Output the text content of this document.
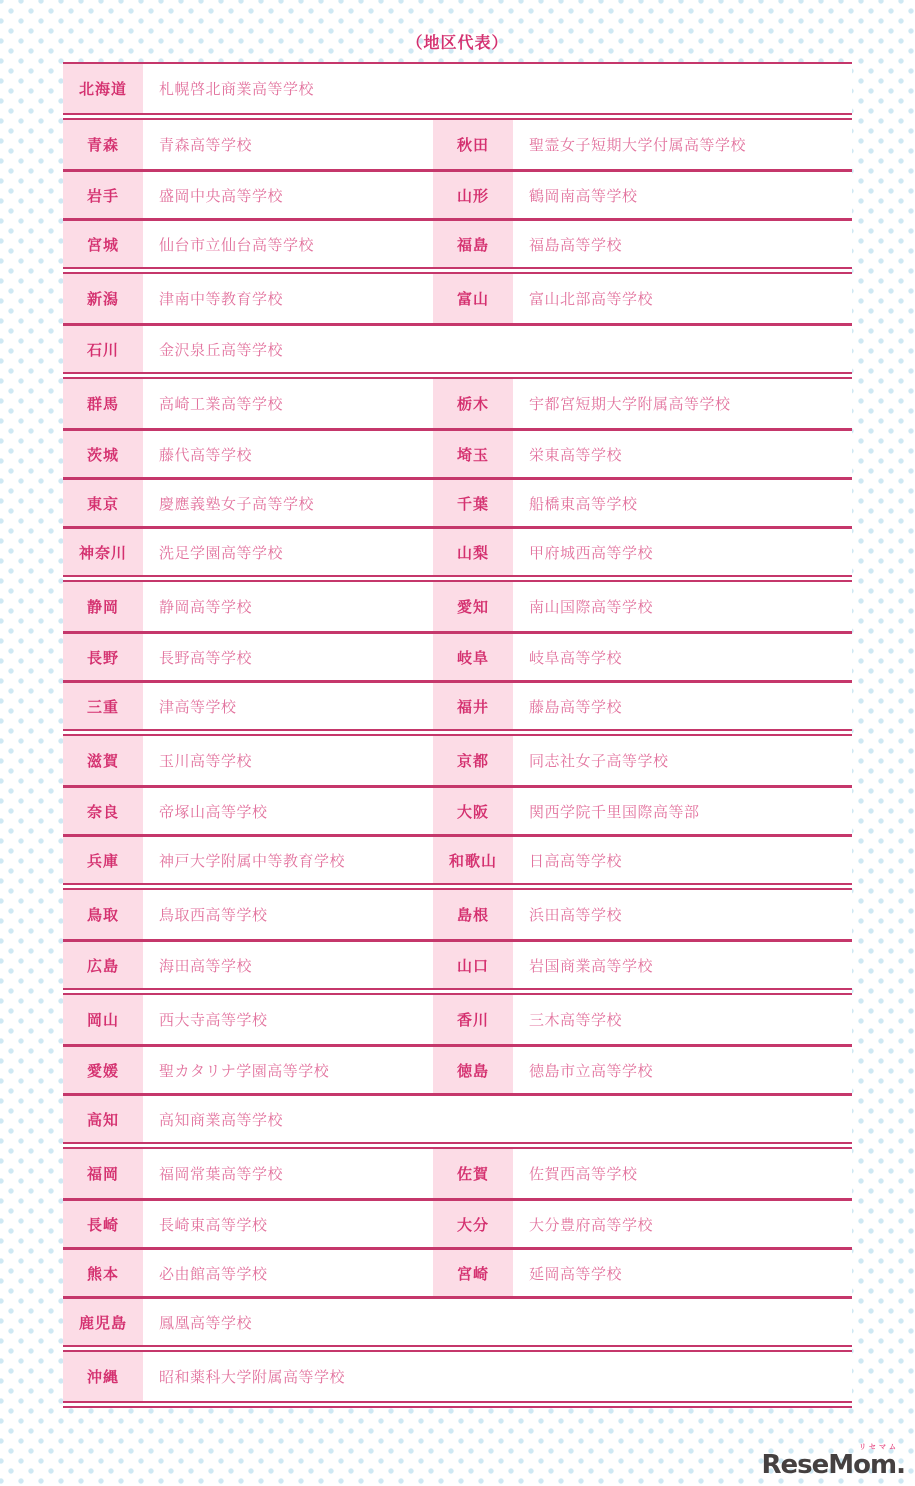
（地区代表）
北海道	札幌啓北商業高等学校
青森	青森高等学校	秋田	聖霊女子短期大学付属高等学校
岩手	盛岡中央高等学校	山形	鶴岡南高等学校
宮城	仙台市立仙台高等学校	福島	福島高等学校
新潟	津南中等教育学校	富山	富山北部高等学校
石川	金沢泉丘高等学校
群馬	高崎工業高等学校	栃木	宇都宮短期大学附属高等学校
茨城	藤代高等学校	埼玉	栄東高等学校
東京	慶應義塾女子高等学校	千葉	船橋東高等学校
神奈川	洗足学園高等学校	山梨	甲府城西高等学校
静岡	静岡高等学校	愛知	南山国際高等学校
長野	長野高等学校	岐阜	岐阜高等学校
三重	津高等学校	福井	藤島高等学校
滋賀	玉川高等学校	京都	同志社女子高等学校
奈良	帝塚山高等学校	大阪	関西学院千里国際高等部
兵庫	神戸大学附属中等教育学校	和歌山	日高高等学校
鳥取	鳥取西高等学校	島根	浜田高等学校
広島	海田高等学校	山口	岩国商業高等学校
岡山	西大寺高等学校	香川	三木高等学校
愛媛	聖カタリナ学園高等学校	徳島	徳島市立高等学校
高知	高知商業高等学校
福岡	福岡常葉高等学校	佐賀	佐賀西高等学校
長崎	長崎東高等学校	大分	大分豊府高等学校
熊本	必由館高等学校	宮崎	延岡高等学校
鹿児島	鳳凰高等学校
沖縄	昭和薬科大学附属高等学校
リセマム
ReseMom.
